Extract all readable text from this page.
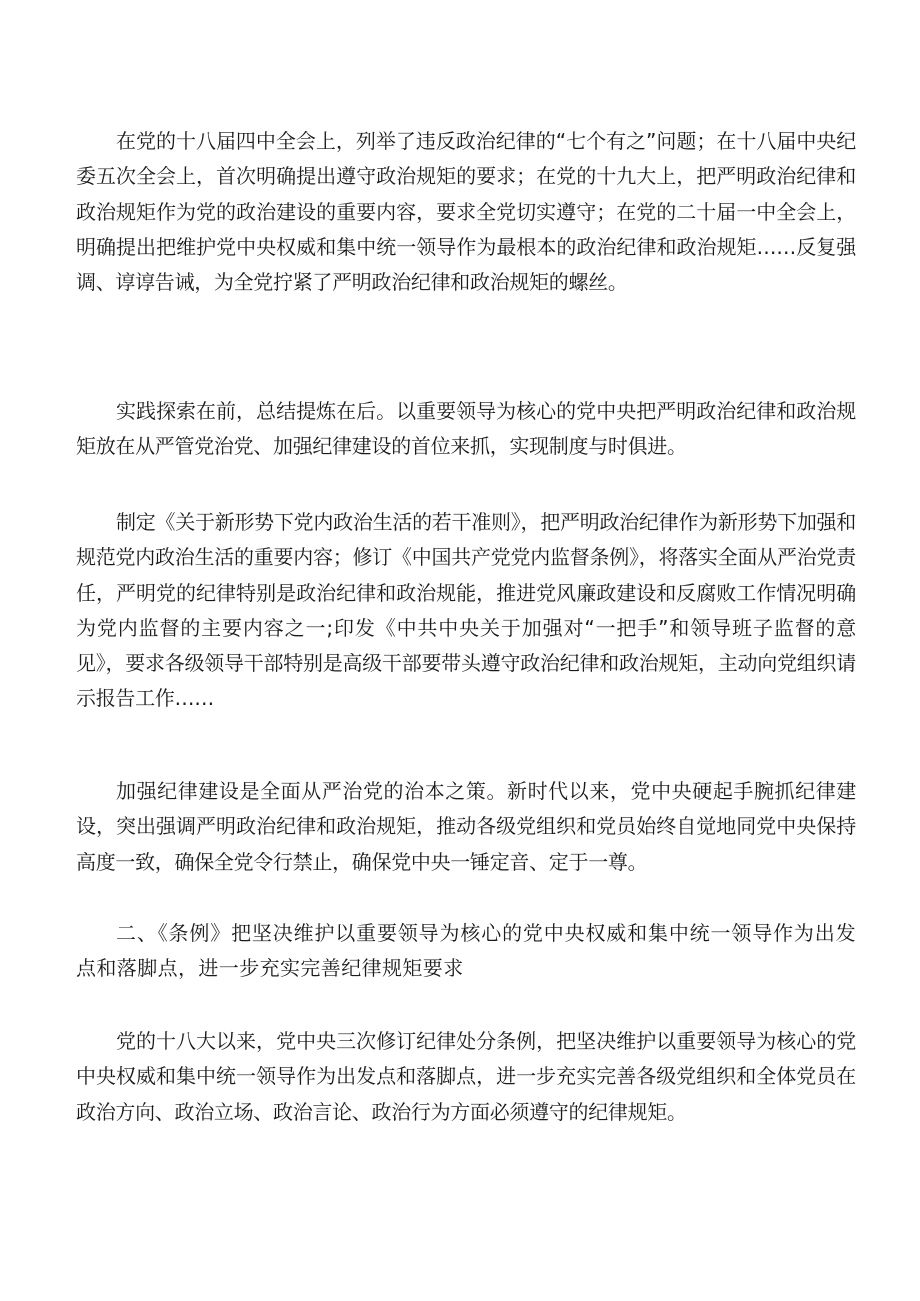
在党的十八届四中全会上，列举了违反政治纪律的“七个有之”问题；在十八届中央纪委五次全会上，首次明确提出遵守政治规矩的要求；在党的十九大上，把严明政治纪律和政治规矩作为党的政治建设的重要内容，要求全党切实遵守；在党的二十届一中全会上，明确提出把维护党中央权威和集中统一领导作为最根本的政治纪律和政治规矩……反复强调、谆谆告诫，为全党拧紧了严明政治纪律和政治规矩的螺丝。

实践探索在前，总结提炼在后。以重要领导为核心的党中央把严明政治纪律和政治规矩放在从严管党治党、加强纪律建设的首位来抓，实现制度与时俱进。

制定《关于新形势下党内政治生活的若干准则》，把严明政治纪律作为新形势下加强和规范党内政治生活的重要内容；修订《中国共产党党内监督条例》，将落实全面从严治党责任，严明党的纪律特别是政治纪律和政治规能，推进党风廉政建设和反腐败工作情况明确为党内监督的主要内容之一;印发《中共中央关于加强对“一把手”和领导班子监督的意见》，要求各级领导干部特别是高级干部要带头遵守政治纪律和政治规矩，主动向党组织请示报告工作……

加强纪律建设是全面从严治党的治本之策。新时代以来，党中央硬起手腕抓纪律建设，突出强调严明政治纪律和政治规矩，推动各级党组织和党员始终自觉地同党中央保持高度一致，确保全党令行禁止，确保党中央一锤定音、定于一尊。

二、《条例》把坚决维护以重要领导为核心的党中央权威和集中统一领导作为出发点和落脚点，进一步充实完善纪律规矩要求

党的十八大以来，党中央三次修订纪律处分条例，把坚决维护以重要领导为核心的党中央权威和集中统一领导作为出发点和落脚点，进一步充实完善各级党组织和全体党员在政治方向、政治立场、政治言论、政治行为方面必须遵守的纪律规矩。
